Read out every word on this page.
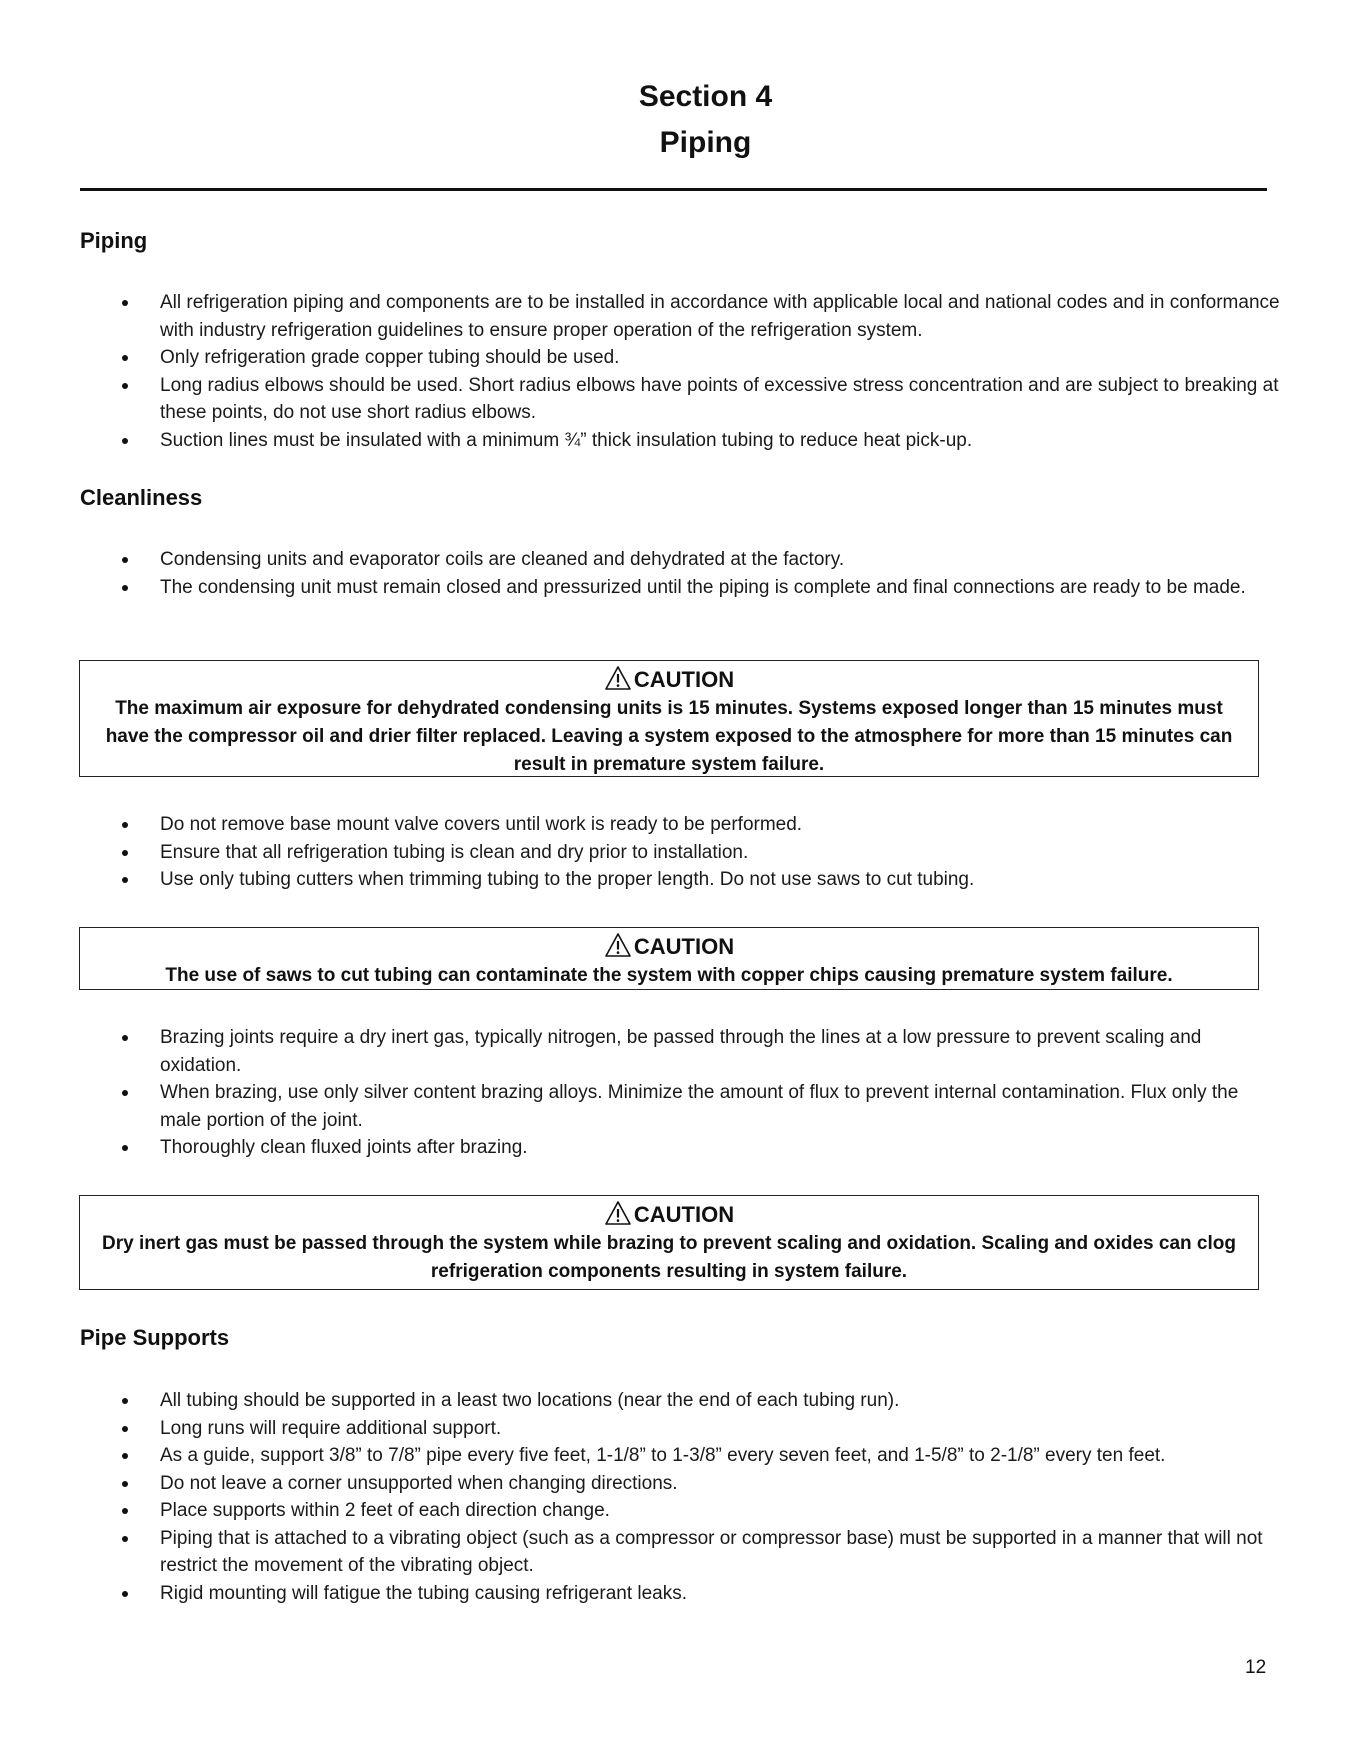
Section 4
Piping
Piping
All refrigeration piping and components are to be installed in accordance with applicable local and national codes and in conformance with industry refrigeration guidelines to ensure proper operation of the refrigeration system.
Only refrigeration grade copper tubing should be used.
Long radius elbows should be used. Short radius elbows have points of excessive stress concentration and are subject to breaking at these points, do not use short radius elbows.
Suction lines must be insulated with a minimum ¾” thick insulation tubing to reduce heat pick-up.
Cleanliness
Condensing units and evaporator coils are cleaned and dehydrated at the factory.
The condensing unit must remain closed and pressurized until the piping is complete and final connections are ready to be made.
CAUTION
The maximum air exposure for dehydrated condensing units is 15 minutes. Systems exposed longer than 15 minutes must have the compressor oil and drier filter replaced. Leaving a system exposed to the atmosphere for more than 15 minutes can result in premature system failure.
Do not remove base mount valve covers until work is ready to be performed.
Ensure that all refrigeration tubing is clean and dry prior to installation.
Use only tubing cutters when trimming tubing to the proper length. Do not use saws to cut tubing.
CAUTION
The use of saws to cut tubing can contaminate the system with copper chips causing premature system failure.
Brazing joints require a dry inert gas, typically nitrogen, be passed through the lines at a low pressure to prevent scaling and oxidation.
When brazing, use only silver content brazing alloys. Minimize the amount of flux to prevent internal contamination. Flux only the male portion of the joint.
Thoroughly clean fluxed joints after brazing.
CAUTION
Dry inert gas must be passed through the system while brazing to prevent scaling and oxidation. Scaling and oxides can clog refrigeration components resulting in system failure.
Pipe Supports
All tubing should be supported in a least two locations (near the end of each tubing run).
Long runs will require additional support.
As a guide, support 3/8” to 7/8” pipe every five feet, 1-1/8” to 1-3/8” every seven feet, and 1-5/8” to 2-1/8” every ten feet.
Do not leave a corner unsupported when changing directions.
Place supports within 2 feet of each direction change.
Piping that is attached to a vibrating object (such as a compressor or compressor base) must be supported in a manner that will not restrict the movement of the vibrating object.
Rigid mounting will fatigue the tubing causing refrigerant leaks.
12
